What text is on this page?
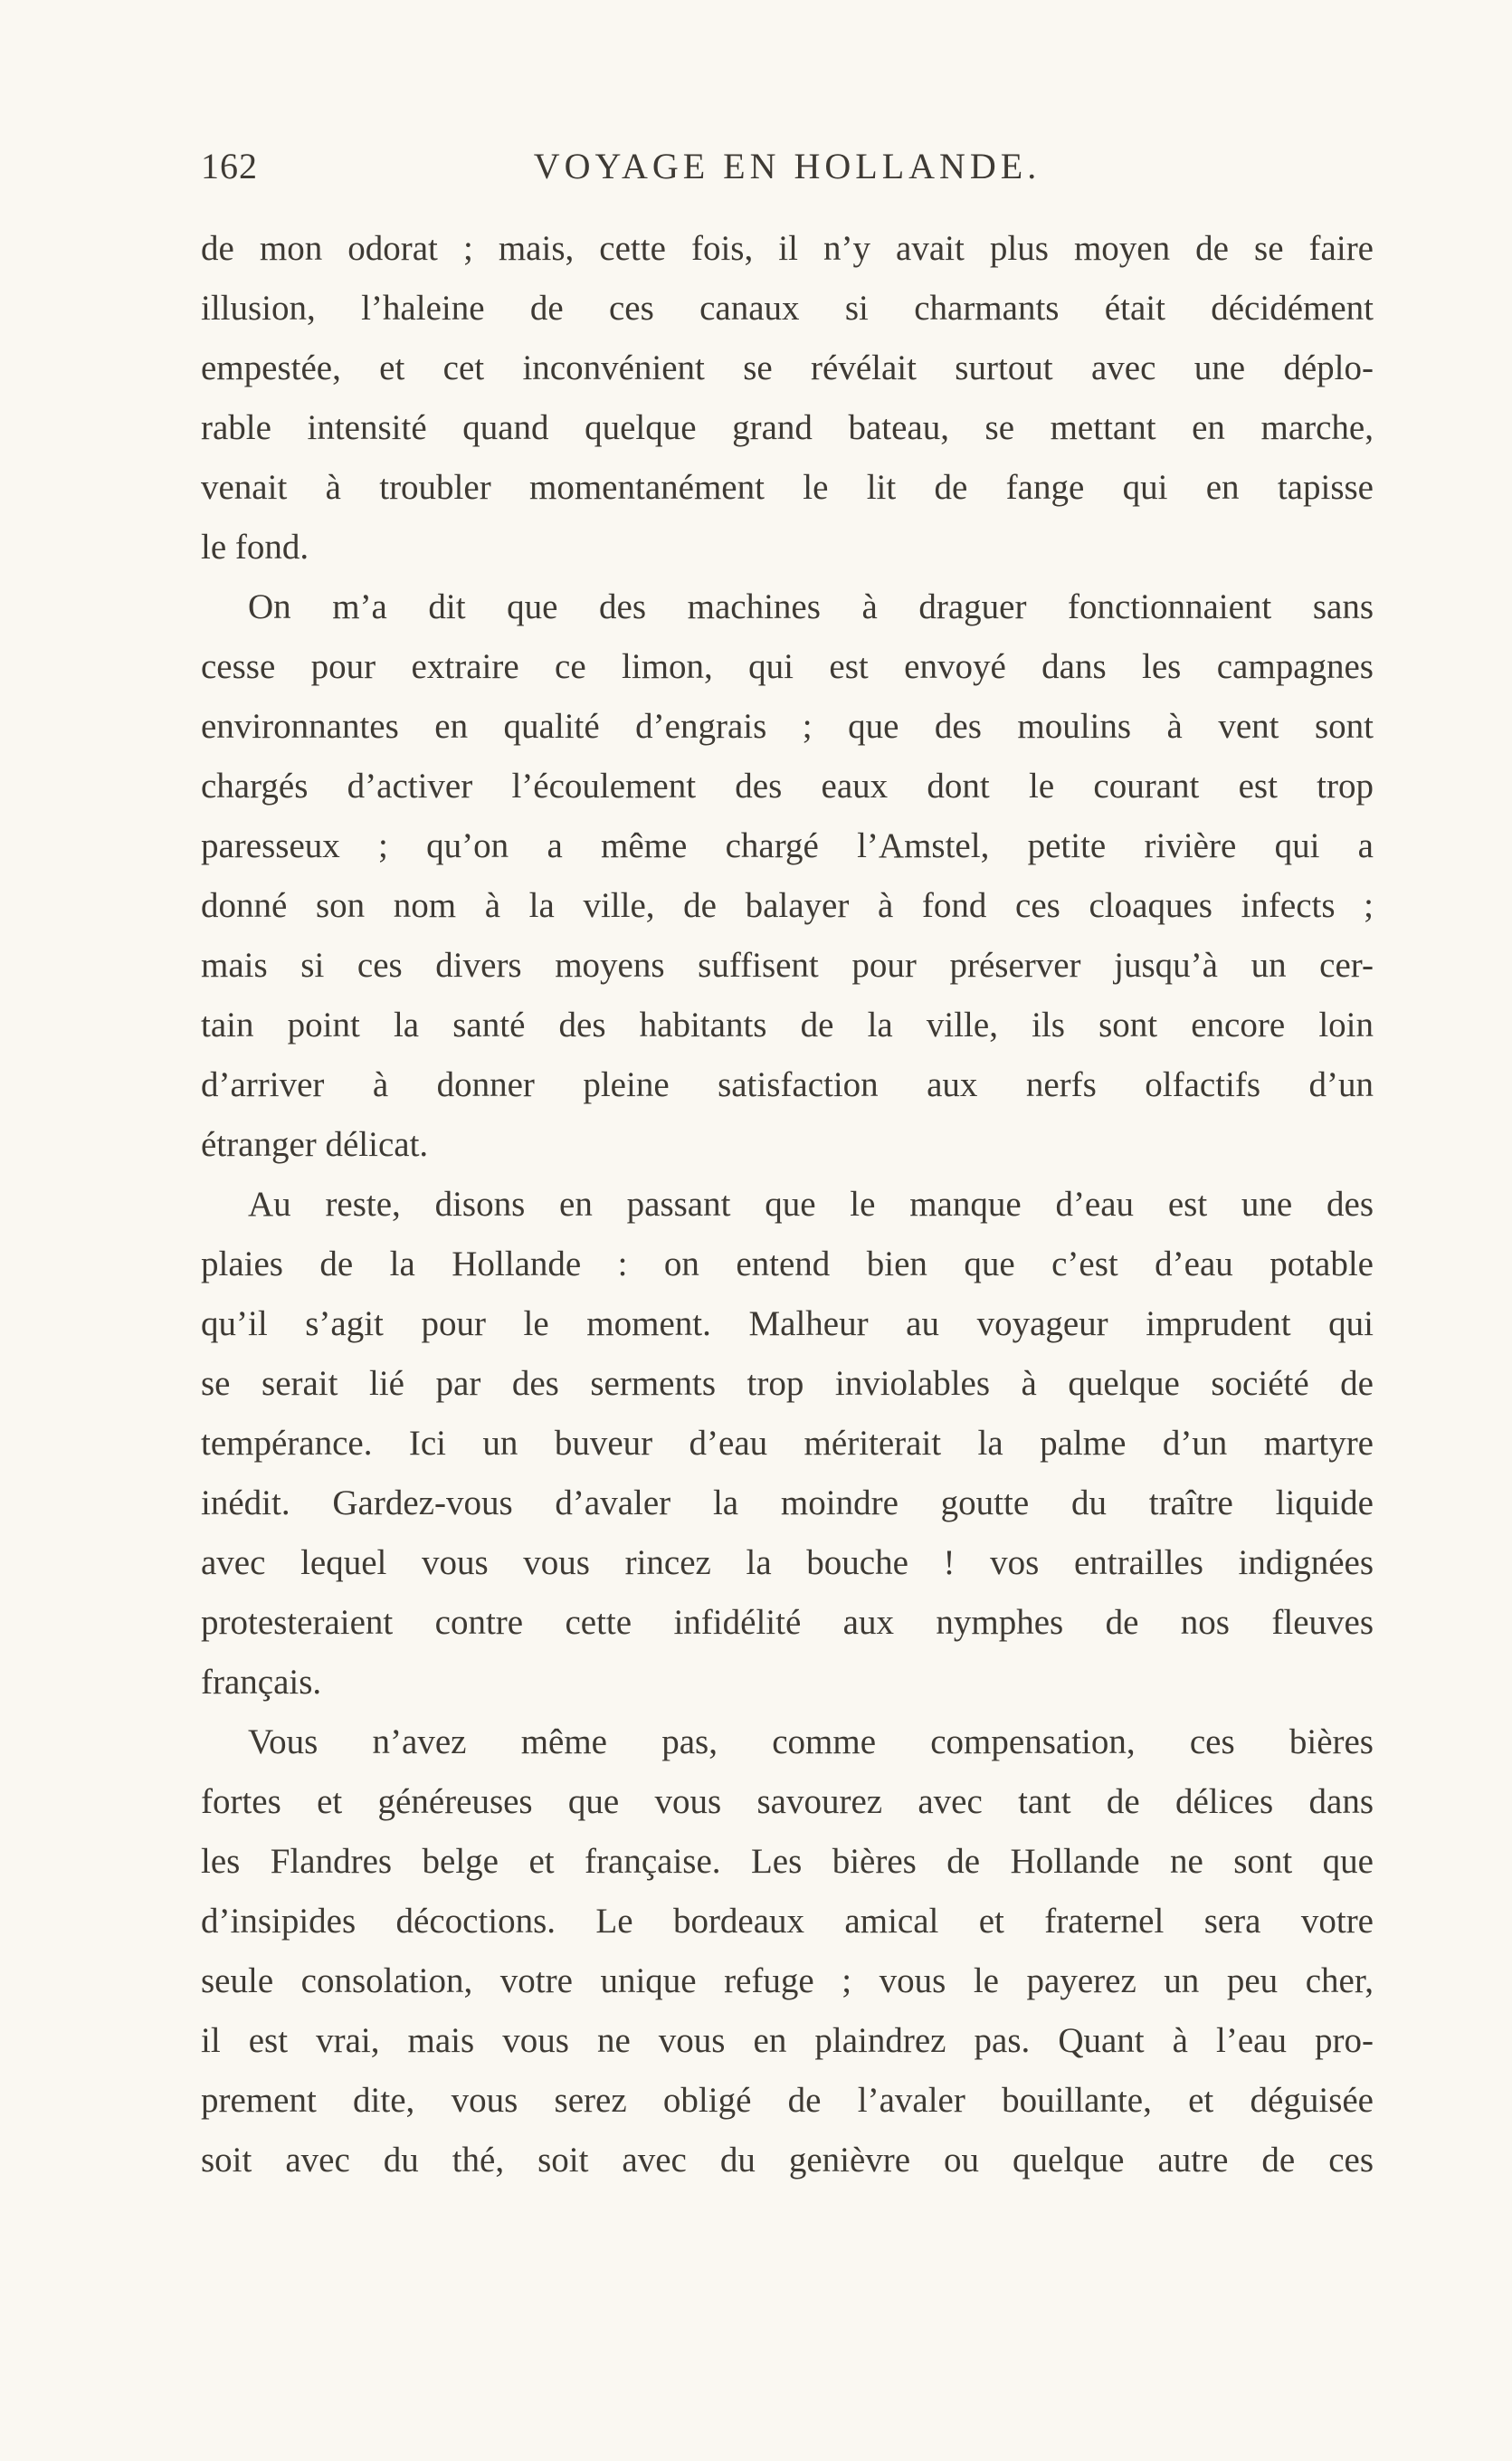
162	VOYAGE EN HOLLANDE.
de mon odorat ; mais, cette fois, il n’y avait plus moyen de se faire
illusion, l’haleine de ces canaux si charmants était décidément
empestée, et cet inconvénient se révélait surtout avec une déplo-
rable intensité quand quelque grand bateau, se mettant en marche,
venait à troubler momentanément le lit de fange qui en tapisse
le fond.
On m’a dit que des machines à draguer fonctionnaient sans
cesse pour extraire ce limon, qui est envoyé dans les campagnes
environnantes en qualité d’engrais ; que des moulins à vent sont
chargés d’activer l’écoulement des eaux dont le courant est trop
paresseux ; qu’on a même chargé l’Amstel, petite rivière qui a
donné son nom à la ville, de balayer à fond ces cloaques infects ;
mais si ces divers moyens suffisent pour préserver jusqu’à un cer-
tain point la santé des habitants de la ville, ils sont encore loin
d’arriver à donner pleine satisfaction aux nerfs olfactifs d’un
étranger délicat.
Au reste, disons en passant que le manque d’eau est une des
plaies de la Hollande : on entend bien que c’est d’eau potable
qu’il s’agit pour le moment. Malheur au voyageur imprudent qui
se serait lié par des serments trop inviolables à quelque société de
tempérance. Ici un buveur d’eau mériterait la palme d’un martyre
inédit. Gardez-vous d’avaler la moindre goutte du traître liquide
avec lequel vous vous rincez la bouche ! vos entrailles indignées
protesteraient contre cette infidélité aux nymphes de nos fleuves
français.
Vous n’avez même pas, comme compensation, ces bières
fortes et généreuses que vous savourez avec tant de délices dans
les Flandres belge et française. Les bières de Hollande ne sont que
d’insipides décoctions. Le bordeaux amical et fraternel sera votre
seule consolation, votre unique refuge ; vous le payerez un peu cher,
il est vrai, mais vous ne vous en plaindrez pas. Quant à l’eau pro-
prement dite, vous serez obligé de l’avaler bouillante, et déguisée
soit avec du thé, soit avec du genièvre ou quelque autre de ces
